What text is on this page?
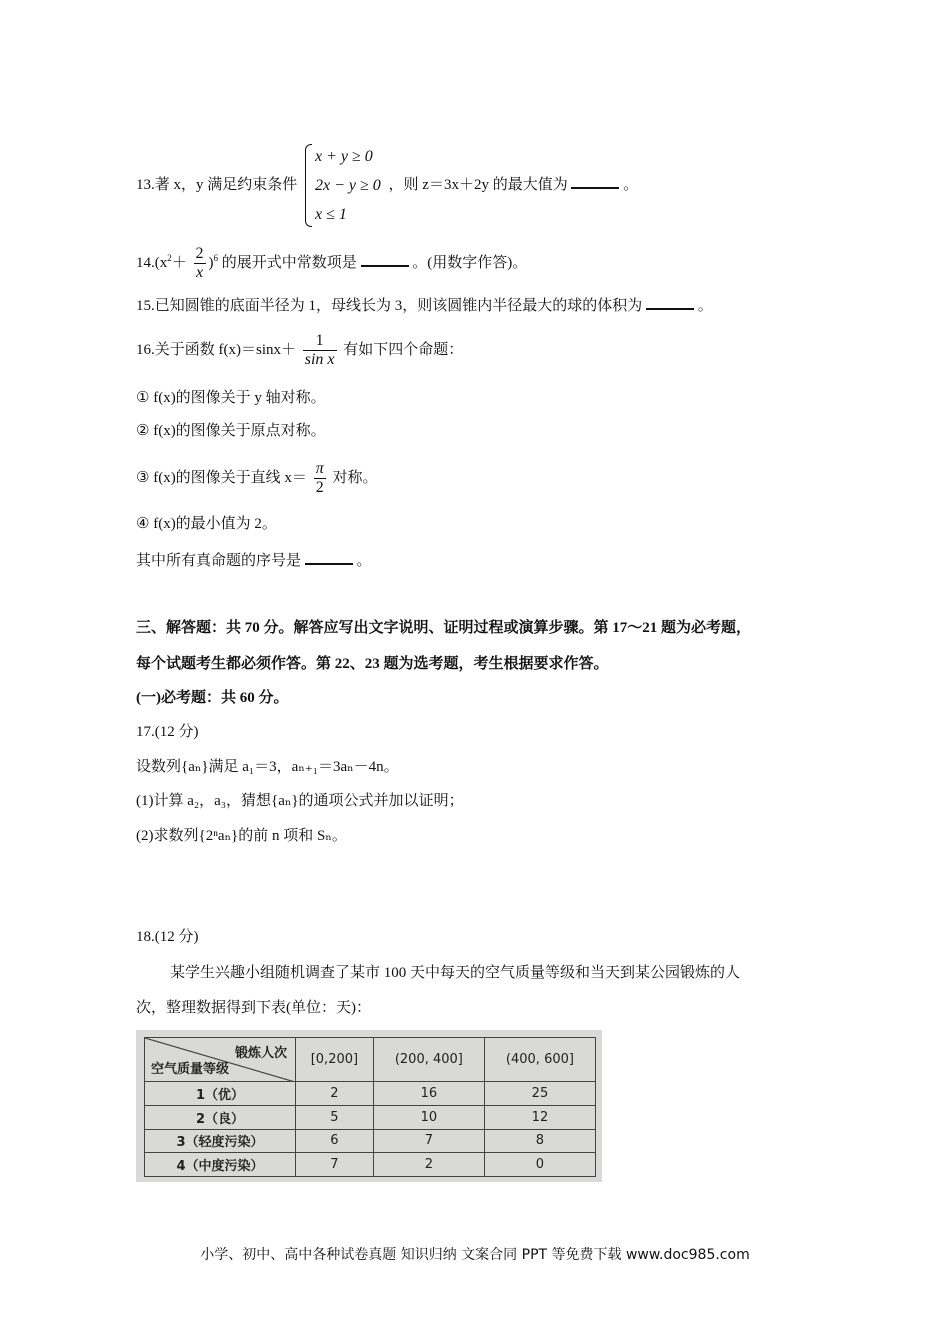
13.著 x，y 满足约束条件
x + y ≥ 0
2x − y ≥ 0
x ≤ 1
，则 z＝3x＋2y 的最大值为	。
$14.(x^2+ \frac{2}{x} )^6$ 的展开式中常数项是	。(用数字作答)。
15.已知圆锥的底面半径为 1，母线长为 3，则该圆锥内半径最大的球的体积为	。
16.关于函数 $f(x)=\sin x+ \frac{1}{\text{sin x}}$ 有如下四个命题：
① f(x)的图像关于 y 轴对称。
② f(x)的图像关于原点对称。
③ f(x)的图像关于直线 $x= \frac{\pi}{2}$ 对称。
④ f(x)的最小值为 2。
其中所有真命题的序号是	。
三、解答题：共 70 分。解答应写出文字说明、证明过程或演算步骤。第 17～21 题为必考题，
每个试题考生都必须作答。第 22、23 题为选考题，考生根据要求作答。
(一)必考题：共 60 分。
17.(12 分)
设数列{aₙ}满足 a₁＝3，aₙ₊₁＝3aₙ－4n。
(1)计算 a₂，a₃，猜想{aₙ}的通项公式并加以证明；
(2)求数列{2ⁿaₙ}的前 n 项和 Sₙ。
18.(12 分)
某学生兴趣小组随机调查了某市 100 天中每天的空气质量等级和当天到某公园锻炼的人
次，整理数据得到下表(单位：天)：
锻炼人次
空气质量等级	[0,200]	(200, 400]	(400, 600]
1（优）	2	16	25
2（良）	5	10	12
3（轻度污染）	6	7	8
4（中度污染）	7	2	0
小学、初中、高中各种试卷真题 知识归纳 文案合同 PPT 等免费下载 www.doc985.com
